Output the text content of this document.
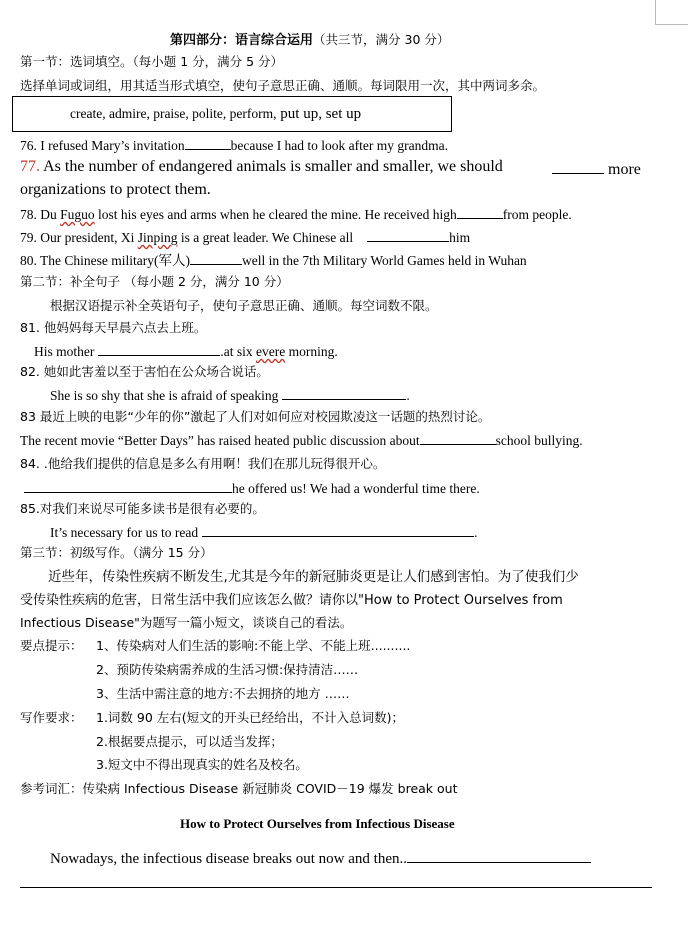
第四部分：语言综合运用（共三节，满分 30 分）
第一节：选词填空。（每小题 1 分，满分 5 分）
选择单词或词组，用其适当形式填空，使句子意思正确、通顺。每词限用一次，其中两词多余。
create, admire, praise, polite, perform, put up, set up
76. I refused Mary’s invitation	because I had to look after my grandma.
77. As the number of endangered animals is smaller and smaller, we should	more
organizations to protect them.
78. Du Fuguo lost his eyes and arms when he cleared the mine. He received high	from people.
79. Our president, Xi Jinping is a great leader. We Chinese all	him
80. The Chinese military(军人)	well in the 7th Military World Games held in Wuhan
第二节：补全句子 （每小题 2 分，满分 10 分）
根据汉语提示补全英语句子，使句子意思正确、通顺。每空词数不限。
81. 他妈妈每天早晨六点去上班。
His mother	.at six evere morning.
82. 她如此害羞以至于害怕在公众场合说话。
She is so shy that she is afraid of speaking	.
83 最近上映的电影“少年的你”激起了人们对如何应对校园欺凌这一话题的热烈讨论。
The recent movie “Better Days” has raised heated public discussion about	school bullying.
84. .他给我们提供的信息是多么有用啊！我们在那儿玩得很开心。
he offered us! We had a wonderful time there.
85.对我们来说尽可能多读书是很有必要的。
It’s necessary for us to read	.
第三节：初级写作。（满分 15 分）
近些年，传染性疾病不断发生,尤其是今年的新冠肺炎更是让人们感到害怕。为了使我们少
受传染性疾病的危害，日常生活中我们应该怎么做？请你以"How to Protect Ourselves from
Infectious Disease"为题写一篇小短文，谈谈自己的看法。
要点提示： 1、传染病对人们生活的影响:不能上学、不能上班..........
2、预防传染病需养成的生活习惯:保持清洁……
3、生活中需注意的地方:不去拥挤的地方 ……
写作要求： 1.词数 90 左右(短文的开头已经给出，不计入总词数)；
2.根据要点提示，可以适当发挥；
3.短文中不得出现真实的姓名及校名。
参考词汇：传染病 Infectious Disease 新冠肺炎 COVID－19 爆发 break out
How to Protect Ourselves from Infectious Disease
Nowadays, the infectious disease breaks out now and then..
